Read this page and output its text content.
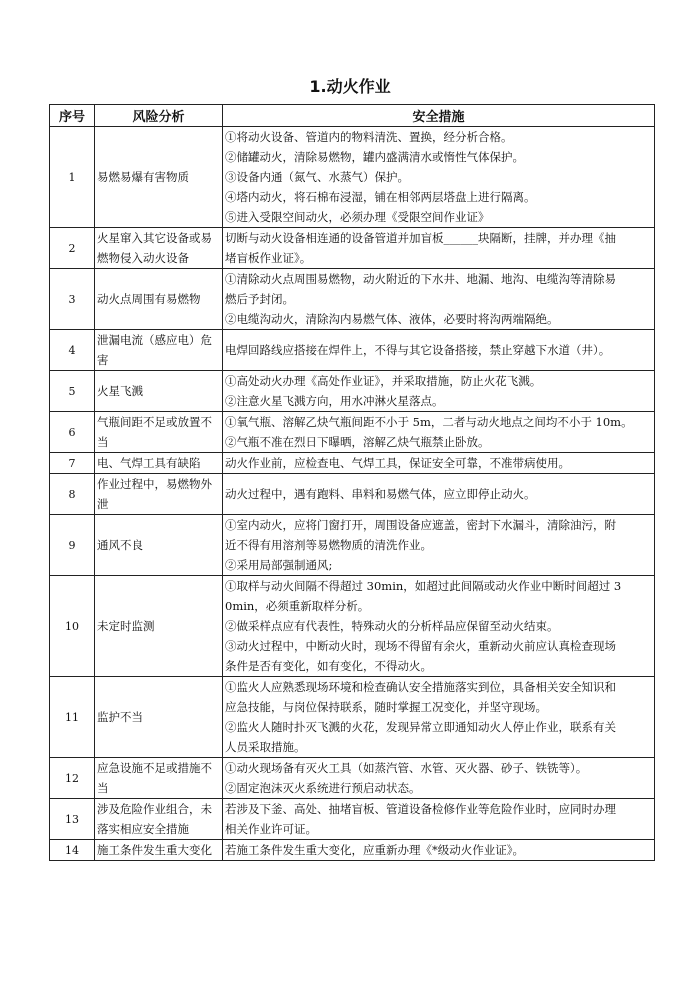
1.动火作业
序号	风险分析	安全措施
1	易燃易爆有害物质	①将动火设备、管道内的物料清洗、置换，经分析合格。
②储罐动火，清除易燃物，罐内盛满清水或惰性气体保护。
③设备内通（氮气、水蒸气）保护。
④塔内动火，将石棉布浸湿，铺在相邻两层塔盘上进行隔离。
⑤进入受限空间动火，必须办理《受限空间作业证》

2	火星窜入其它设备或易燃物侵入动火设备	切断与动火设备相连通的设备管道并加盲板______块隔断，挂牌，并办理《抽
堵盲板作业证》。

3	动火点周围有易燃物	①清除动火点周围易燃物，动火附近的下水井、地漏、地沟、电缆沟等清除易
燃后予封闭。
②电缆沟动火，清除沟内易燃气体、液体，必要时将沟两端隔绝。

4	泄漏电流（感应电）危害	电焊回路线应搭接在焊件上，不得与其它设备搭接，禁止穿越下水道（井）。

5	火星飞溅	①高处动火办理《高处作业证》，并采取措施，防止火花飞溅。
②注意火星飞溅方向，用水冲淋火星落点。

6	气瓶间距不足或放置不当	①氧气瓶、溶解乙炔气瓶间距不小于 5m，二者与动火地点之间均不小于 10m。
②气瓶不准在烈日下曝晒，溶解乙炔气瓶禁止卧放。

7	电、气焊工具有缺陷	动火作业前，应检查电、气焊工具，保证安全可靠，不准带病使用。

8	作业过程中，易燃物外泄	动火过程中，遇有跑料、串料和易燃气体，应立即停止动火。

9	通风不良	①室内动火，应将门窗打开，周围设备应遮盖，密封下水漏斗，清除油污，附
近不得有用溶剂等易燃物质的清洗作业。
②采用局部强制通风;

10	未定时监测	①取样与动火间隔不得超过 30min，如超过此间隔或动火作业中断时间超过 3
0min，必须重新取样分析。
②做采样点应有代表性，特殊动火的分析样品应保留至动火结束。
③动火过程中，中断动火时，现场不得留有余火，重新动火前应认真检查现场
条件是否有变化，如有变化，不得动火。

11	监护不当	①监火人应熟悉现场环境和检查确认安全措施落实到位，具备相关安全知识和
应急技能，与岗位保持联系，随时掌握工况变化，并坚守现场。
②监火人随时扑灭飞溅的火花，发现异常立即通知动火人停止作业，联系有关
人员采取措施。

12	应急设施不足或措施不当	①动火现场备有灭火工具（如蒸汽管、水管、灭火器、砂子、铁铣等）。
②固定泡沫灭火系统进行预启动状态。

13	涉及危险作业组合，未落实相应安全措施	若涉及下釜、高处、抽堵盲板、管道设备检修作业等危险作业时，应同时办理
相关作业许可证。

14	施工条件发生重大变化	若施工条件发生重大变化，应重新办理《*级动火作业证》。
